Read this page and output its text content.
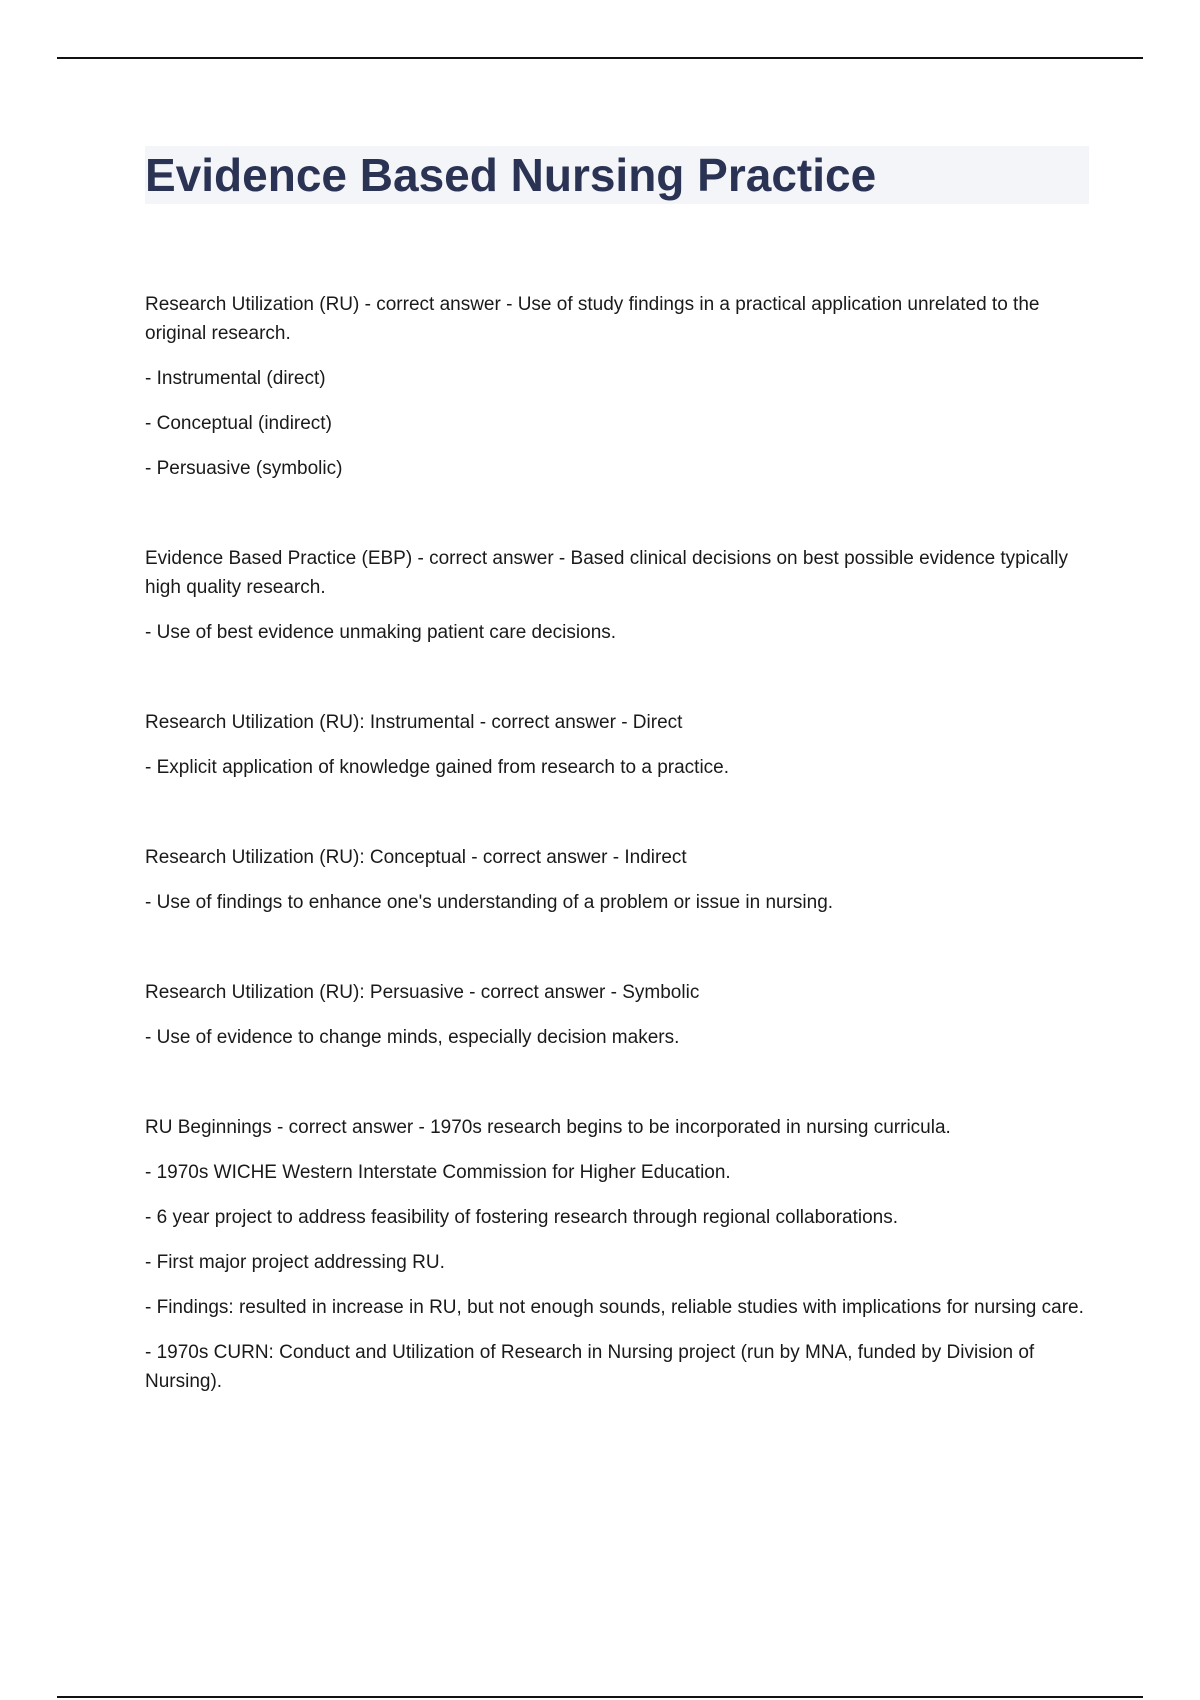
Evidence Based Nursing Practice

Research Utilization (RU) - correct answer - Use of study findings in a practical application unrelated to the original research.

- Instrumental (direct)

- Conceptual (indirect)

- Persuasive (symbolic)

Evidence Based Practice (EBP) - correct answer - Based clinical decisions on best possible evidence typically high quality research.

- Use of best evidence unmaking patient care decisions.

Research Utilization (RU): Instrumental - correct answer - Direct

- Explicit application of knowledge gained from research to a practice.

Research Utilization (RU): Conceptual - correct answer - Indirect

- Use of findings to enhance one's understanding of a problem or issue in nursing.

Research Utilization (RU): Persuasive - correct answer - Symbolic

- Use of evidence to change minds, especially decision makers.

RU Beginnings - correct answer - 1970s research begins to be incorporated in nursing curricula.

- 1970s WICHE Western Interstate Commission for Higher Education.

- 6 year project to address feasibility of fostering research through regional collaborations.

- First major project addressing RU.

- Findings: resulted in increase in RU, but not enough sounds, reliable studies with implications for nursing care.

- 1970s CURN: Conduct and Utilization of Research in Nursing project (run by MNA, funded by Division of Nursing).
